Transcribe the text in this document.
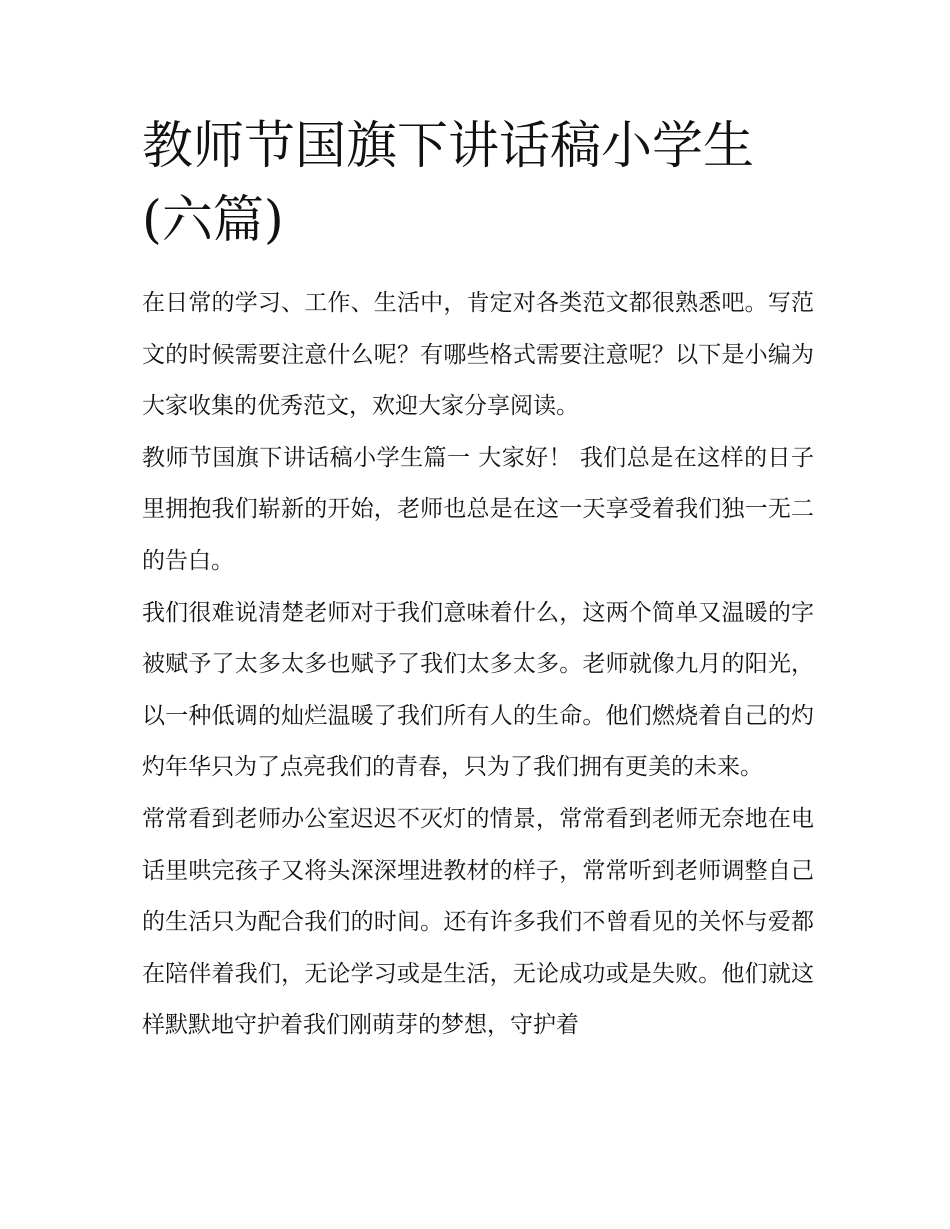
教师节国旗下讲话稿小学生(六篇)

在日常的学习、工作、生活中，肯定对各类范文都很熟悉吧。写范文的时候需要注意什么呢？有哪些格式需要注意呢？以下是小编为大家收集的优秀范文，欢迎大家分享阅读。

教师节国旗下讲话稿小学生篇一 大家好！ 我们总是在这样的日子里拥抱我们崭新的开始，老师也总是在这一天享受着我们独一无二的告白。

我们很难说清楚老师对于我们意味着什么，这两个简单又温暖的字被赋予了太多太多也赋予了我们太多太多。老师就像九月的阳光，以一种低调的灿烂温暖了我们所有人的生命。他们燃烧着自己的灼灼年华只为了点亮我们的青春，只为了我们拥有更美的未来。

常常看到老师办公室迟迟不灭灯的情景，常常看到老师无奈地在电话里哄完孩子又将头深深埋进教材的样子，常常听到老师调整自己的生活只为配合我们的时间。还有许多我们不曾看见的关怀与爱都在陪伴着我们，无论学习或是生活，无论成功或是失败。他们就这样默默地守护着我们刚萌芽的梦想，守护着
